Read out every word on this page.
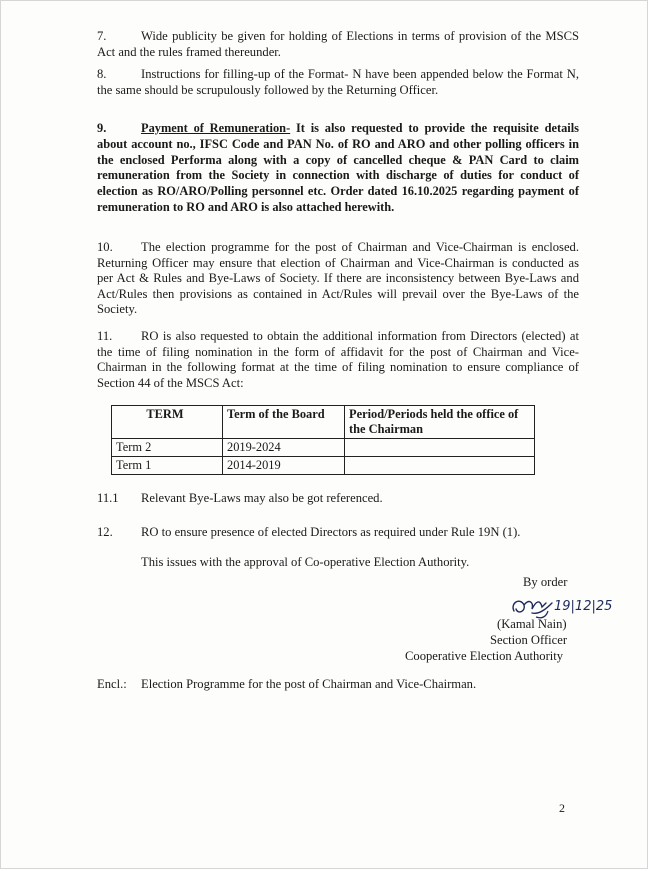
7.	Wide publicity be given for holding of Elections in terms of provision of the MSCS Act and the rules framed thereunder.
8.	Instructions for filling-up of the Format- N have been appended below the Format N, the same should be scrupulously followed by the Returning Officer.
9.	Payment of Remuneration- It is also requested to provide the requisite details about account no., IFSC Code and PAN No. of RO and ARO and other polling officers in the enclosed Performa along with a copy of cancelled cheque & PAN Card to claim remuneration from the Society in connection with discharge of duties for conduct of election as RO/ARO/Polling personnel etc. Order dated 16.10.2025 regarding payment of remuneration to RO and ARO is also attached herewith.
10. The election programme for the post of Chairman and Vice-Chairman is enclosed. Returning Officer may ensure that election of Chairman and Vice-Chairman is conducted as per Act & Rules and Bye-Laws of Society. If there are inconsistency between Bye-Laws and Act/Rules then provisions as contained in Act/Rules will prevail over the Bye-Laws of the Society.
11. RO is also requested to obtain the additional information from Directors (elected) at the time of filing nomination in the form of affidavit for the post of Chairman and Vice-Chairman in the following format at the time of filing nomination to ensure compliance of Section 44 of the MSCS Act:
TERM	Term of the Board	Period/Periods held the office of the Chairman
Term 2	2019-2024	
Term 1	2014-2019	
11.1 Relevant Bye-Laws may also be got referenced.
12. RO to ensure presence of elected Directors as required under Rule 19N (1).
This issues with the approval of Co-operative Election Authority.
By order
19|12|25
(Kamal Nain)
Section Officer
Cooperative Election Authority
Encl.: Election Programme for the post of Chairman and Vice-Chairman.
2
